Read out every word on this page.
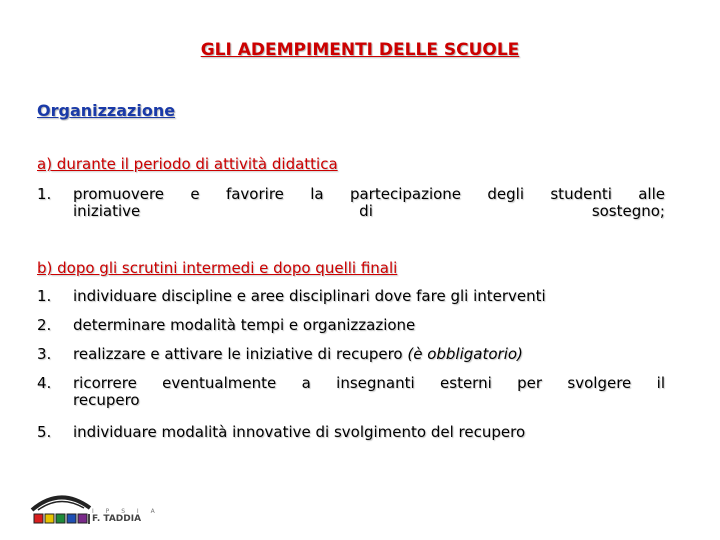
GLI ADEMPIMENTI DELLE SCUOLE
Organizzazione
a) durante il periodo di attività didattica
1. promuovere e favorire la partecipazione degli studenti alle
iniziative di sostegno;
b) dopo gli scrutini intermedi e dopo quelli finali
1. individuare discipline e aree disciplinari dove fare gli interventi
2. determinare modalità tempi e organizzazione
3. realizzare e attivare le iniziative di recupero (è obbligatorio)
4. ricorrere eventualmente a insegnanti esterni per svolgere il
recupero
5. individuare modalità innovative di svolgimento del recupero
I P S I A
F. TADDIA
